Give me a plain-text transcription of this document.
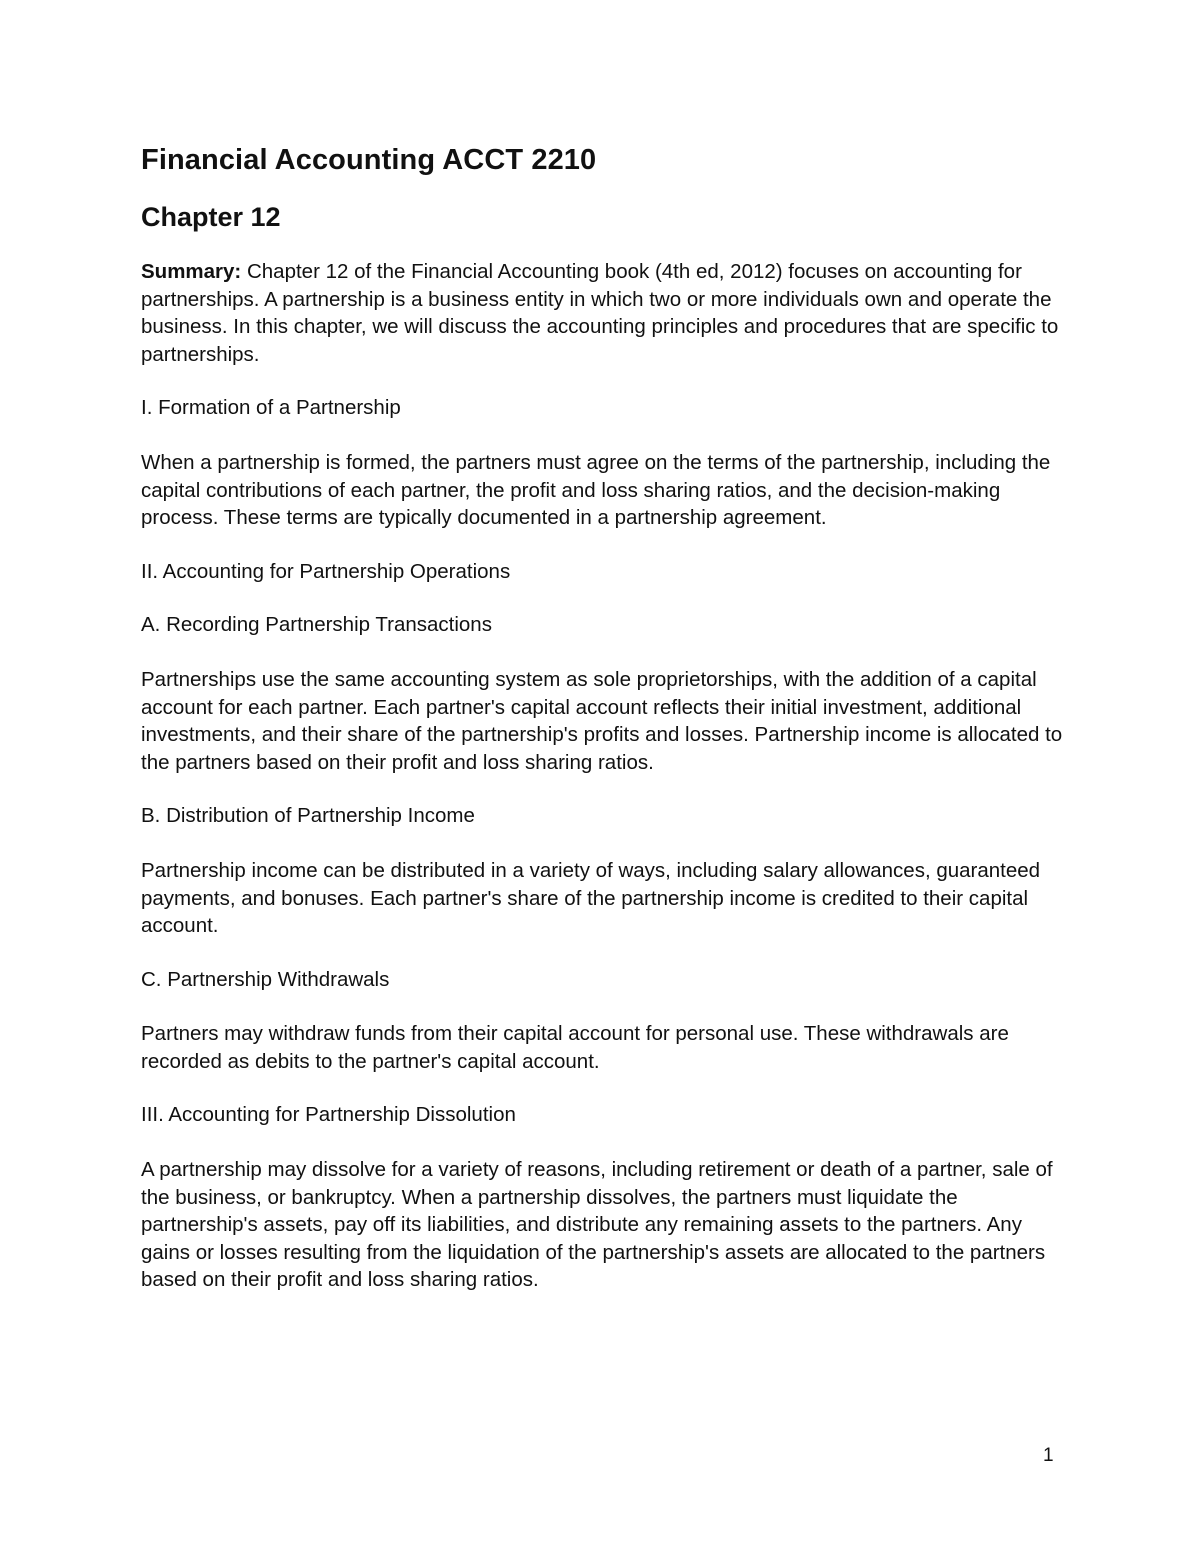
Financial Accounting ACCT 2210
Chapter 12

Summary: Chapter 12 of the Financial Accounting book (4th ed, 2012) focuses on accounting for partnerships. A partnership is a business entity in which two or more individuals own and operate the business. In this chapter, we will discuss the accounting principles and procedures that are specific to partnerships.

I. Formation of a Partnership

When a partnership is formed, the partners must agree on the terms of the partnership, including the capital contributions of each partner, the profit and loss sharing ratios, and the decision-making process. These terms are typically documented in a partnership agreement.

II. Accounting for Partnership Operations

A. Recording Partnership Transactions

Partnerships use the same accounting system as sole proprietorships, with the addition of a capital account for each partner. Each partner's capital account reflects their initial investment, additional investments, and their share of the partnership's profits and losses. Partnership income is allocated to the partners based on their profit and loss sharing ratios.

B. Distribution of Partnership Income

Partnership income can be distributed in a variety of ways, including salary allowances, guaranteed payments, and bonuses. Each partner's share of the partnership income is credited to their capital account.

C. Partnership Withdrawals

Partners may withdraw funds from their capital account for personal use. These withdrawals are recorded as debits to the partner's capital account.

III. Accounting for Partnership Dissolution

A partnership may dissolve for a variety of reasons, including retirement or death of a partner, sale of the business, or bankruptcy. When a partnership dissolves, the partners must liquidate the partnership's assets, pay off its liabilities, and distribute any remaining assets to the partners. Any gains or losses resulting from the liquidation of the partnership's assets are allocated to the partners based on their profit and loss sharing ratios.

1
